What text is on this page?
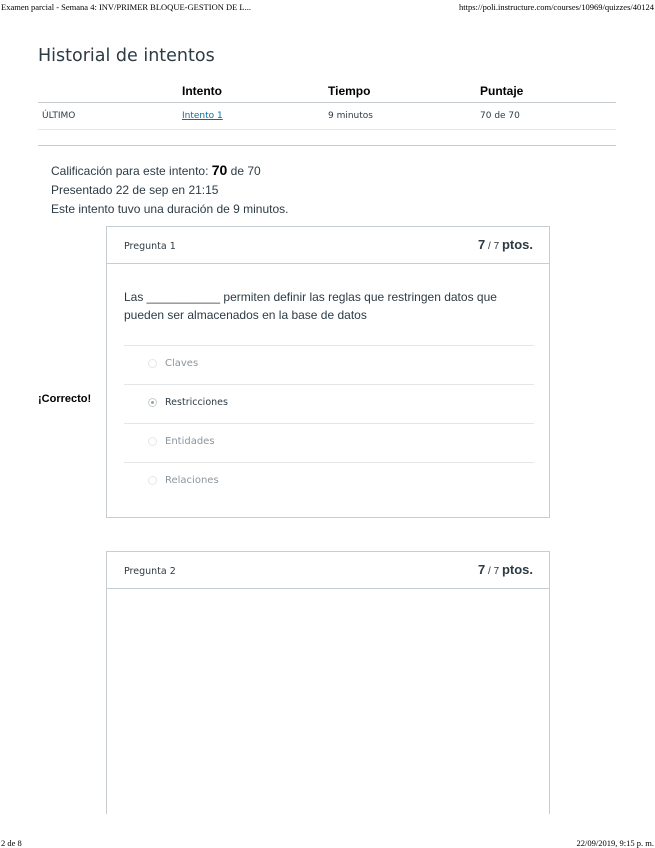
Examen parcial - Semana 4: INV/PRIMER BLOQUE-GESTION DE L...	https://poli.instructure.com/courses/10969/quizzes/40124
Historial de intentos
	Intento	Tiempo	Puntaje
ÚLTIMO	Intento 1	9 minutos	70 de 70
Calificación para este intento: 70 de 70
Presentado 22 de sep en 21:15
Este intento tuvo una duración de 9 minutos.
¡Correcto!
Pregunta 1	7 / 7 ptos.
Las ___________ permiten definir las reglas que restringen datos que pueden ser almacenados en la base de datos
Claves
Restricciones
Entidades
Relaciones
Pregunta 2	7 / 7 ptos.
2 de 8	22/09/2019, 9:15 p. m.
